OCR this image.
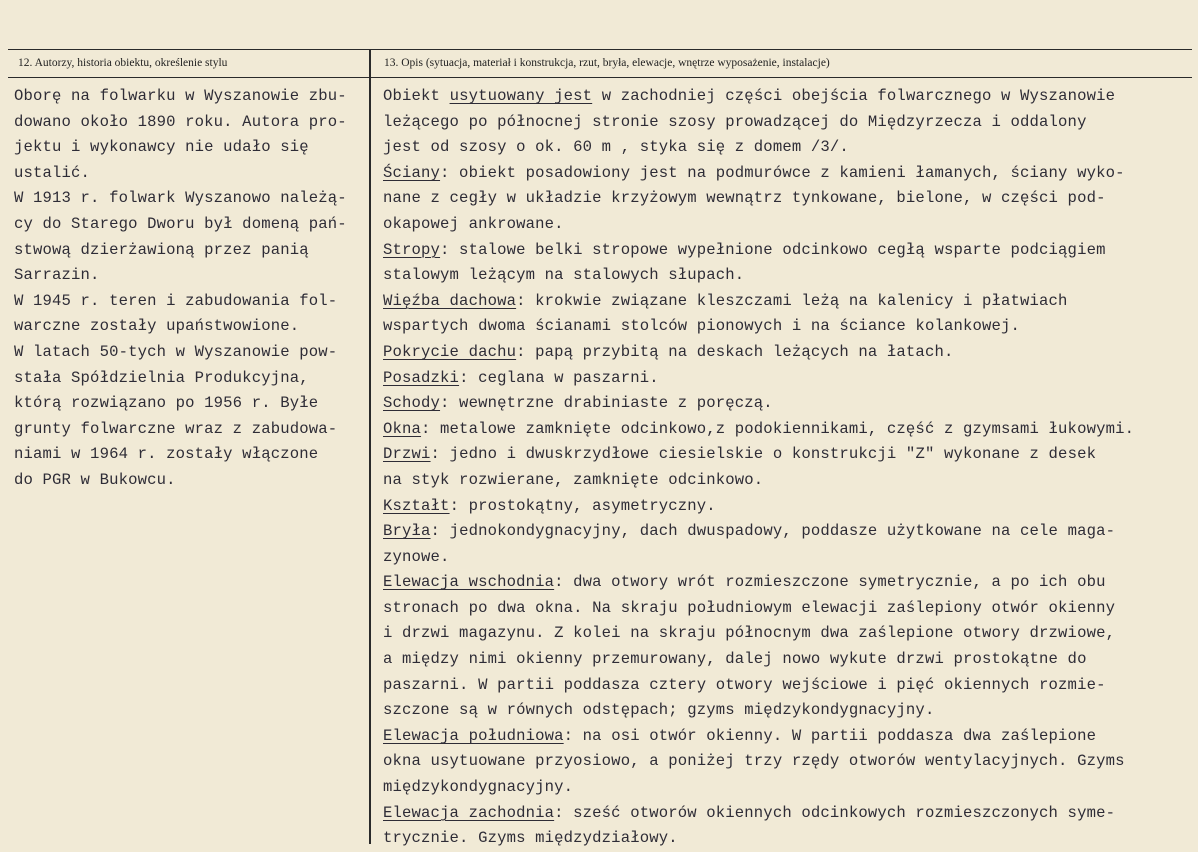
12. Autorzy, historia obiektu, określenie stylu	13. Opis (sytuacja, materiał i konstrukcja, rzut, bryła, elewacje, wnętrze wyposażenie, instalacje)
Oborę na folwarku w Wyszanowie zbu-
dowano około 1890 roku. Autora pro-
jektu i wykonawcy nie udało się
ustalić.
W 1913 r. folwark Wyszanowo należą-
cy do Starego Dworu był domeną pań-
stwową dzierżawioną przez panią
Sarrazin.
W 1945 r. teren i zabudowania fol-
warczne zostały upaństwowione.
W latach 50-tych w Wyszanowie pow-
stała Spółdzielnia Produkcyjna,
którą rozwiązano po 1956 r. Byłe
grunty folwarczne wraz z zabudowa-
niami w 1964 r. zostały włączone
do PGR w Bukowcu.
Obiekt usytuowany jest w zachodniej części obejścia folwarcznego w Wyszanowie
leżącego po północnej stronie szosy prowadzącej do Międzyrzecza i oddalony
jest od szosy o ok. 60 m , styka się z domem /3/.
Ściany: obiekt posadowiony jest na podmurówce z kamieni łamanych, ściany wyko-
nane z cegły w układzie krzyżowym wewnątrz tynkowane, bielone, w części pod-
okapowej ankrowane.
Stropy: stalowe belki stropowe wypełnione odcinkowo cegłą wsparte podciągiem
stalowym leżącym na stalowych słupach.
Więźba dachowa: krokwie związane kleszczami leżą na kalenicy i płatwiach
wspartych dwoma ścianami stolców pionowych i na ściance kolankowej.
Pokrycie dachu: papą przybitą na deskach leżących na łatach.
Posadzki: ceglana w paszarni.
Schody: wewnętrzne drabiniaste z poręczą.
Okna: metalowe zamknięte odcinkowo,z podokiennikami, część z gzymsami łukowymi.
Drzwi: jedno i dwuskrzydłowe ciesielskie o konstrukcji "Z" wykonane z desek
na styk rozwierane, zamknięte odcinkowo.
Kształt: prostokątny, asymetryczny.
Bryła: jednokondygnacyjny, dach dwuspadowy, poddasze użytkowane na cele maga-
zynowe.
Elewacja wschodnia: dwa otwory wrót rozmieszczone symetrycznie, a po ich obu
stronach po dwa okna. Na skraju południowym elewacji zaślepiony otwór okienny
i drzwi magazynu. Z kolei na skraju północnym dwa zaślepione otwory drzwiowe,
a między nimi okienny przemurowany, dalej nowo wykute drzwi prostokątne do
paszarni. W partii poddasza cztery otwory wejściowe i pięć okiennych rozmie-
szczone są w równych odstępach; gzyms międzykondygnacyjny.
Elewacja południowa: na osi otwór okienny. W partii poddasza dwa zaślepione
okna usytuowane przyosiowo, a poniżej trzy rzędy otworów wentylacyjnych. Gzyms
międzykondygnacyjny.
Elewacja zachodnia: sześć otworów okiennych odcinkowych rozmieszczonych syme-
trycznie. Gzyms międzydziałowy.
